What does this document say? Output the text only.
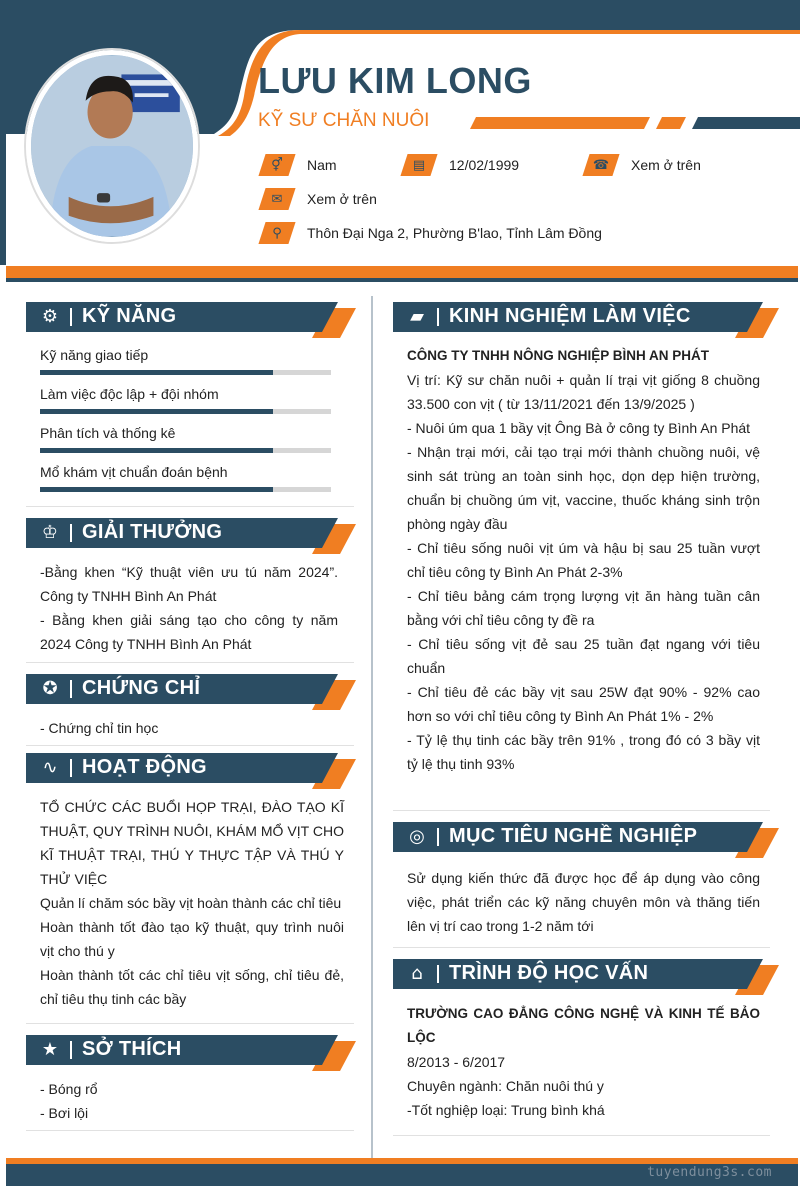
LƯU KIM LONG
KỸ SƯ CHĂN NUÔI
⚥ Nam	▤ 12/02/1999	☎ Xem ở trên
✉ Xem ở trên
⚲ Thôn Đại Nga 2, Phường B'lao, Tỉnh Lâm Đồng
⚙ KỸ NĂNG
Kỹ năng giao tiếp
Làm việc độc lập + đội nhóm
Phân tích và thống kê
Mổ khám vịt chuẩn đoán bệnh
♔ GIẢI THƯỞNG
-Bằng khen “Kỹ thuật viên ưu tú năm 2024”. Công ty TNHH Bình An Phát
- Bằng khen giải sáng tạo cho công ty năm 2024 Công ty TNHH Bình An Phát
✪ CHỨNG CHỈ
- Chứng chỉ tin học
∿ HOẠT ĐỘNG
TỔ CHỨC CÁC BUỔI HỌP TRẠI, ĐÀO TẠO KĨ THUẬT, QUY TRÌNH NUÔI, KHÁM MỔ VỊT CHO KĨ THUẬT TRẠI, THÚ Y THỰC TẬP VÀ THÚ Y THỬ VIỆC
Quản lí chăm sóc bầy vịt hoàn thành các chỉ tiêu
Hoàn thành tốt đào tạo kỹ thuật, quy trình nuôi vịt cho thú y
Hoàn thành tốt các chỉ tiêu vịt sống, chỉ tiêu đẻ, chỉ tiêu thụ tinh các bầy
★ SỞ THÍCH
- Bóng rổ
- Bơi lội
▰ KINH NGHIỆM LÀM VIỆC
CÔNG TY TNHH NÔNG NGHIỆP BÌNH AN PHÁT
Vị trí: Kỹ sư chăn nuôi + quản lí trại vịt giống 8 chuồng 33.500 con vịt ( từ 13/11/2021 đến 13/9/2025 )
- Nuôi úm qua 1 bầy vịt Ông Bà ở công ty Bình An Phát
- Nhận trại mới, cải tạo trại mới thành chuồng nuôi, vệ sinh sát trùng an toàn sinh học, dọn dẹp hiện trường, chuẩn bị chuồng úm vịt, vaccine, thuốc kháng sinh trộn phòng ngày đầu
- Chỉ tiêu sống nuôi vịt úm và hậu bị sau 25 tuần vượt chỉ tiêu công ty Bình An Phát 2-3%
- Chỉ tiêu bảng cám trọng lượng vịt ăn hàng tuần cân bằng với chỉ tiêu công ty đề ra
- Chỉ tiêu sống vịt đẻ sau 25 tuần đạt ngang với tiêu chuẩn
- Chỉ tiêu đẻ các bầy vịt sau 25W đạt 90% - 92% cao hơn so với chỉ tiêu công ty Bình An Phát 1% - 2%
- Tỷ lệ thụ tinh các bầy trên 91% , trong đó có 3 bầy vịt tỷ lệ thụ tinh 93%
◎ MỤC TIÊU NGHỀ NGHIỆP
Sử dụng kiến thức đã được học để áp dụng vào công việc, phát triển các kỹ năng chuyên môn và thăng tiến lên vị trí cao trong 1-2 năm tới
⌂	TRÌNH ĐỘ HỌC VẤN
TRƯỜNG CAO ĐẲNG CÔNG NGHỆ VÀ KINH TẾ BẢO LỘC
8/2013 - 6/2017
Chuyên ngành: Chăn nuôi thú y
-Tốt nghiệp loại: Trung bình khá
tuyendung3s.com
